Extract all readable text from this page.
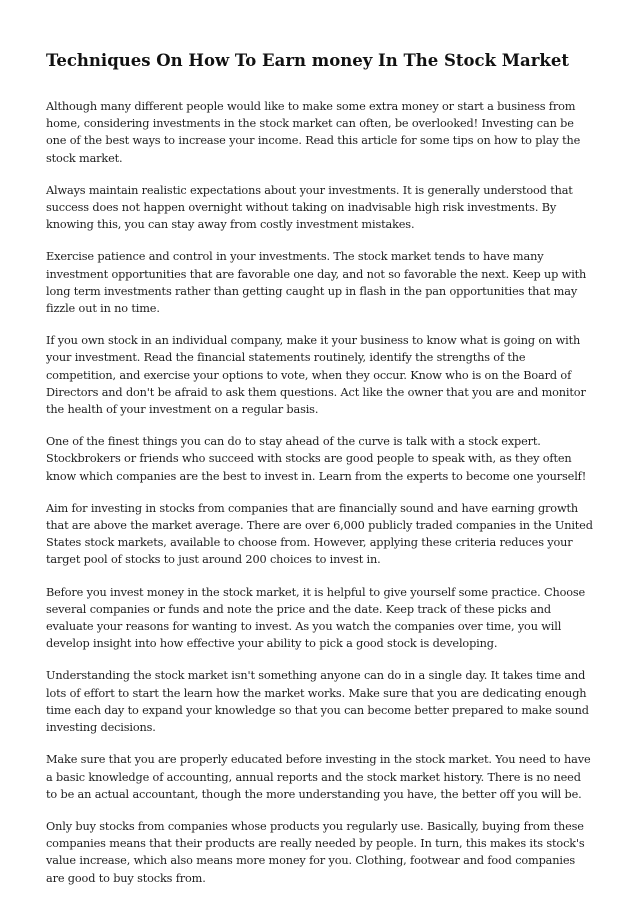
Techniques On How To Earn money In The Stock Market

Although many different people would like to make some extra money or start a business from home, considering investments in the stock market can often, be overlooked! Investing can be one of the best ways to increase your income. Read this article for some tips on how to play the stock market.

Always maintain realistic expectations about your investments. It is generally understood that success does not happen overnight without taking on inadvisable high risk investments. By knowing this, you can stay away from costly investment mistakes.

Exercise patience and control in your investments. The stock market tends to have many investment opportunities that are favorable one day, and not so favorable the next. Keep up with long term investments rather than getting caught up in flash in the pan opportunities that may fizzle out in no time.

If you own stock in an individual company, make it your business to know what is going on with your investment. Read the financial statements routinely, identify the strengths of the competition, and exercise your options to vote, when they occur. Know who is on the Board of Directors and don't be afraid to ask them questions. Act like the owner that you are and monitor the health of your investment on a regular basis.

One of the finest things you can do to stay ahead of the curve is talk with a stock expert. Stockbrokers or friends who succeed with stocks are good people to speak with, as they often know which companies are the best to invest in. Learn from the experts to become one yourself!

Aim for investing in stocks from companies that are financially sound and have earning growth that are above the market average. There are over 6,000 publicly traded companies in the United States stock markets, available to choose from. However, applying these criteria reduces your target pool of stocks to just around 200 choices to invest in.

Before you invest money in the stock market, it is helpful to give yourself some practice. Choose several companies or funds and note the price and the date. Keep track of these picks and evaluate your reasons for wanting to invest. As you watch the companies over time, you will develop insight into how effective your ability to pick a good stock is developing.

Understanding the stock market isn't something anyone can do in a single day. It takes time and lots of effort to start the learn how the market works. Make sure that you are dedicating enough time each day to expand your knowledge so that you can become better prepared to make sound investing decisions.

Make sure that you are properly educated before investing in the stock market. You need to have a basic knowledge of accounting, annual reports and the stock market history. There is no need to be an actual accountant, though the more understanding you have, the better off you will be.

Only buy stocks from companies whose products you regularly use. Basically, buying from these companies means that their products are really needed by people. In turn, this makes its stock's value increase, which also means more money for you. Clothing, footwear and food companies are good to buy stocks from.
